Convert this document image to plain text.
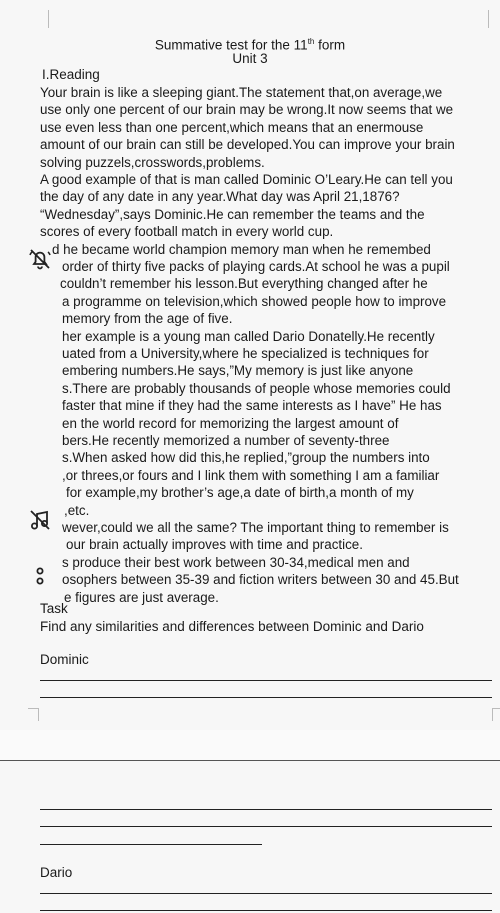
Summative test for the 11th form
Unit 3
I.Reading
Your brain is like a sleeping giant.The statement that,on average,we
use only one percent of our brain may be wrong.It now seems that we
use even less than one percent,which means that an enermouse
amount of our brain can still be developed.You can improve your brain
solving puzzels,crosswords,problems.
A good example of that is man called Dominic O’Leary.He can tell you
the day of any date in any year.What day was April 21,1876?
“Wednesday”,says Dominic.He can remember the teams and the
scores of every football match in every world cup.
d he became world champion memory man when he remembed
order of thirty five packs of playing cards.At school he was a pupil
couldn’t remember his lesson.But everything changed after he
a programme on television,which showed people how to improve
memory from the age of five.
her example is a young man called Dario Donatelly.He recently
uated from a University,where he specialized is techniques for
embering numbers.He says,”My memory is just like anyone
s.There are probably thousands of people whose memories could
faster that mine if they had the same interests as I have” He has
en the world record for memorizing the largest amount of
bers.He recently memorized a number of seventy-three
s.When asked how did this,he replied,”group the numbers into
,or threes,or fours and I link them with something I am a familiar
for example,my brother’s age,a date of birth,a month of my
,etc.
wever,could we all the same? The important thing to remember is
our brain actually improves with time and practice.
s produce their best work between 30-34,medical men and
osophers between 35-39 and fiction writers between 30 and 45.But
e figures are just average.
Task
Find any similarities and differences between Dominic and Dario
Dominic
Dario
